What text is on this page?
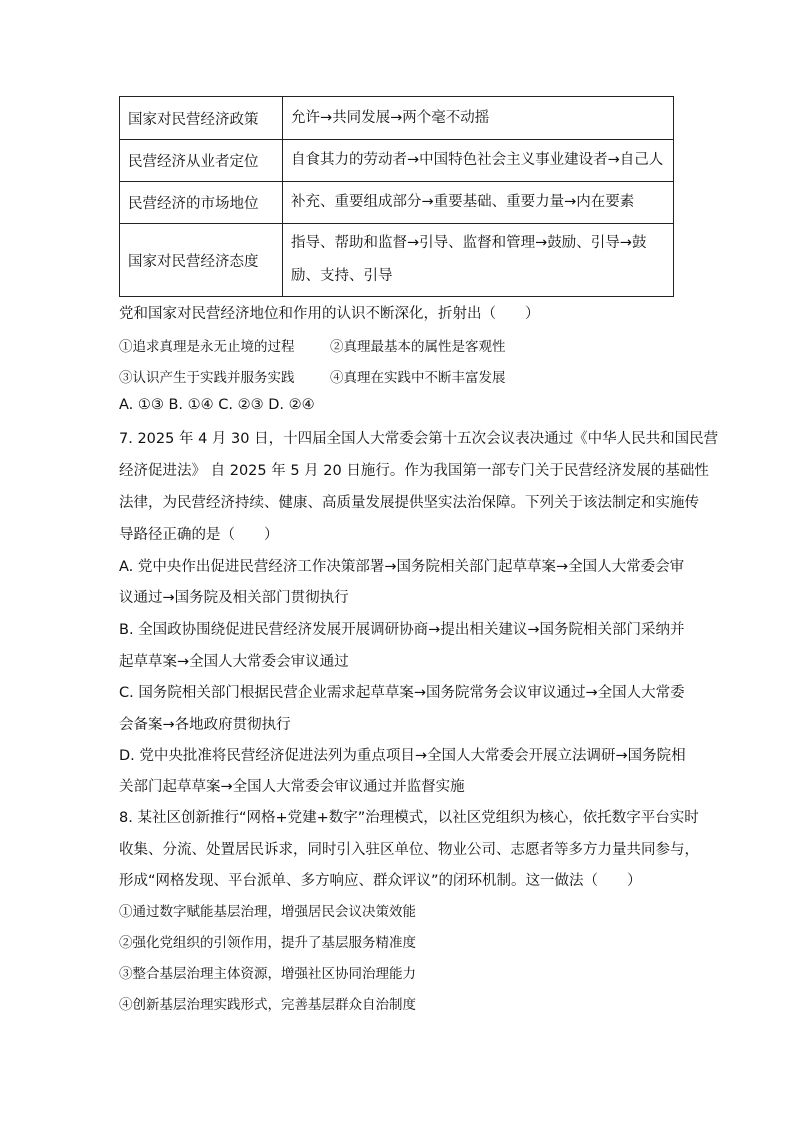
国家对民营经济政策	允许→共同发展→两个毫不动摇
民营经济从业者定位	自食其力的劳动者→中国特色社会主义事业建设者→自己人
民营经济的市场地位	补充、重要组成部分→重要基础、重要力量→内在要素
国家对民营经济态度	指导、帮助和监督→引导、监督和管理→鼓励、引导→鼓励、支持、引导
党和国家对民营经济地位和作用的认识不断深化，折射出（　　）
①追求真理是永无止境的过程	②真理最基本的属性是客观性
③认识产生于实践并服务实践	④真理在实践中不断丰富发展
A. ①③ B. ①④ C. ②③ D. ②④
7. 2025 年 4 月 30 日，十四届全国人大常委会第十五次会议表决通过《中华人民共和国民营
经济促进法》 自 2025 年 5 月 20 日施行。作为我国第一部专门关于民营经济发展的基础性
法律，为民营经济持续、健康、高质量发展提供坚实法治保障。下列关于该法制定和实施传
导路径正确的是（　　）
A. 党中央作出促进民营经济工作决策部署→国务院相关部门起草草案→全国人大常委会审
议通过→国务院及相关部门贯彻执行
B. 全国政协围绕促进民营经济发展开展调研协商→提出相关建议→国务院相关部门采纳并
起草草案→全国人大常委会审议通过
C. 国务院相关部门根据民营企业需求起草草案→国务院常务会议审议通过→全国人大常委
会备案→各地政府贯彻执行
D. 党中央批准将民营经济促进法列为重点项目→全国人大常委会开展立法调研→国务院相
关部门起草草案→全国人大常委会审议通过并监督实施
8. 某社区创新推行“网格+党建+数字”治理模式，以社区党组织为核心，依托数字平台实时
收集、分流、处置居民诉求，同时引入驻区单位、物业公司、志愿者等多方力量共同参与，
形成“网格发现、平台派单、多方响应、群众评议”的闭环机制。这一做法（　　）
①通过数字赋能基层治理，增强居民会议决策效能
②强化党组织的引领作用，提升了基层服务精准度
③整合基层治理主体资源，增强社区协同治理能力
④创新基层治理实践形式，完善基层群众自治制度
